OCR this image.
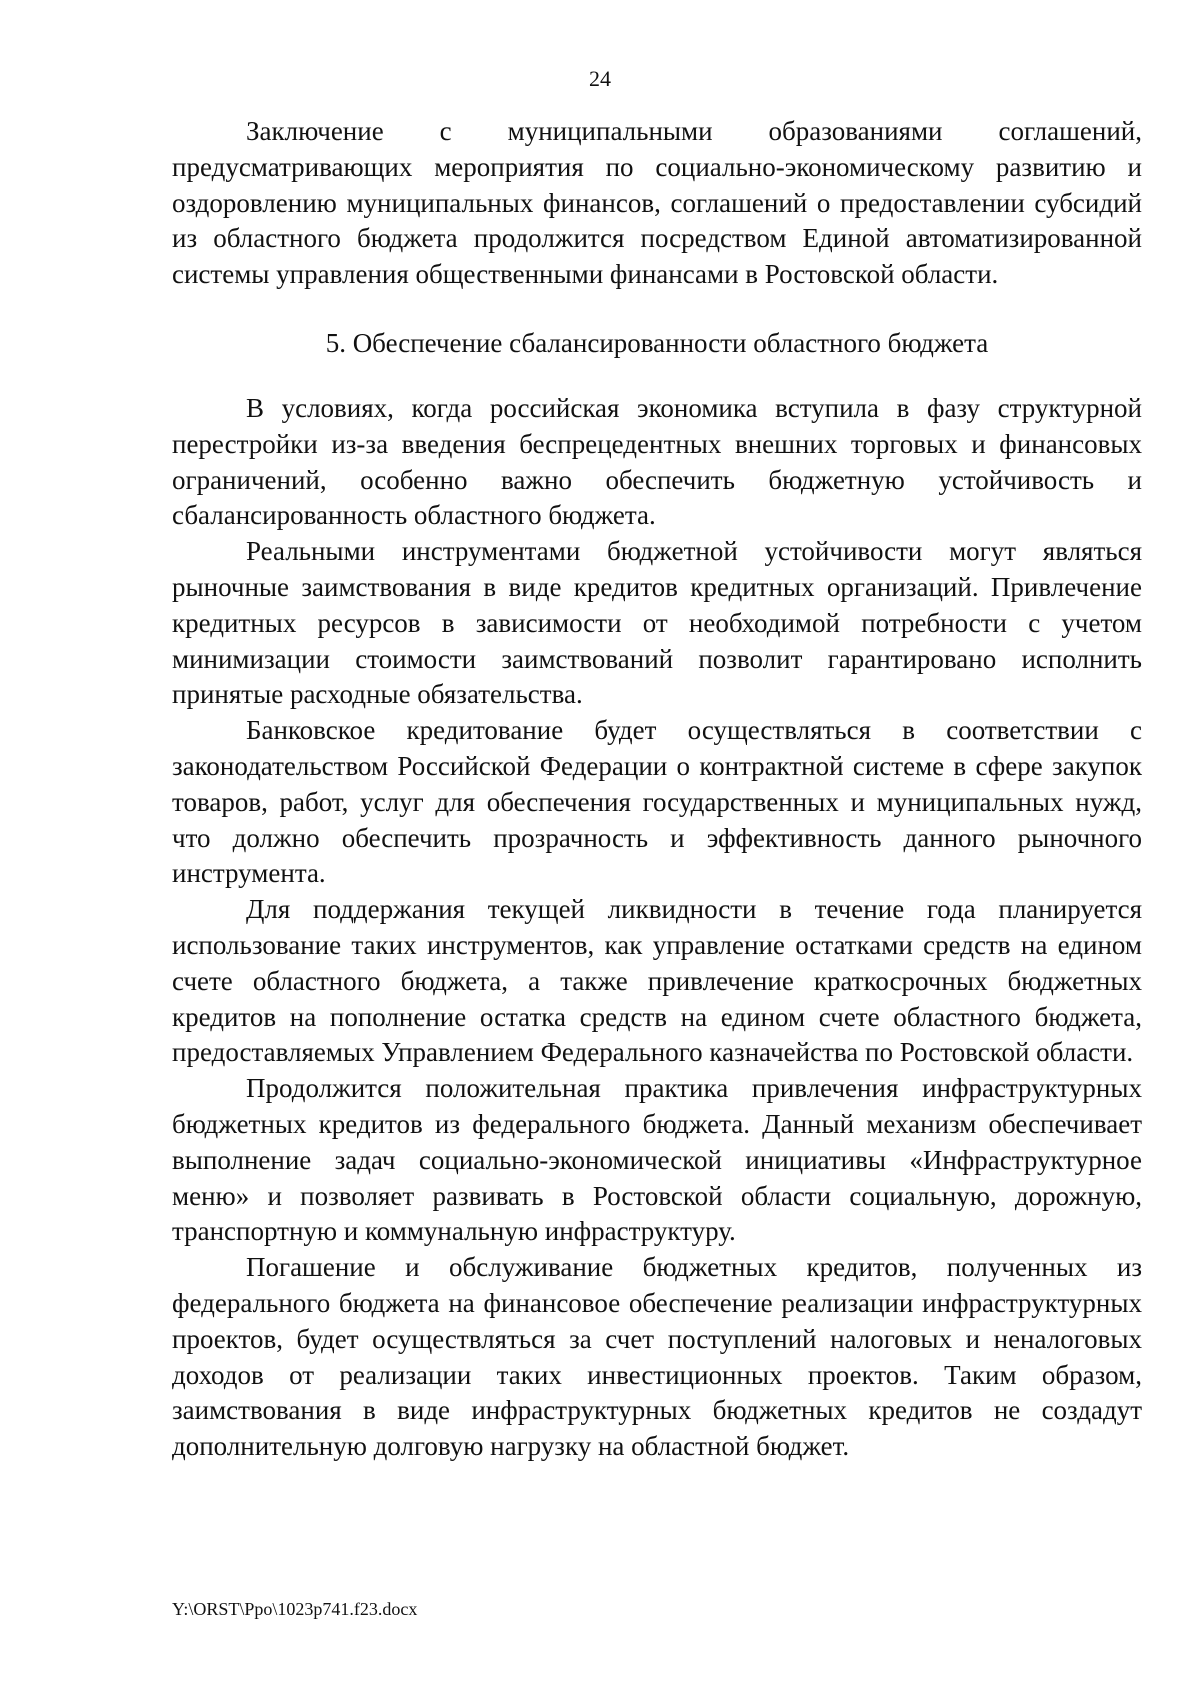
24

Заключение с муниципальными образованиями соглашений, предусматривающих мероприятия по социально-экономическому развитию и оздоровлению муниципальных финансов, соглашений о предоставлении субсидий из областного бюджета продолжится посредством Единой автоматизированной системы управления общественными финансами в Ростовской области.

5. Обеспечение сбалансированности областного бюджета

В условиях, когда российская экономика вступила в фазу структурной перестройки из-за введения беспрецедентных внешних торговых и финансовых ограничений, особенно важно обеспечить бюджетную устойчивость и сбалансированность областного бюджета.

Реальными инструментами бюджетной устойчивости могут являться рыночные заимствования в виде кредитов кредитных организаций. Привлечение кредитных ресурсов в зависимости от необходимой потребности с учетом минимизации стоимости заимствований позволит гарантировано исполнить принятые расходные обязательства.

Банковское кредитование будет осуществляться в соответствии с законодательством Российской Федерации о контрактной системе в сфере закупок товаров, работ, услуг для обеспечения государственных и муниципальных нужд, что должно обеспечить прозрачность и эффективность данного рыночного инструмента.

Для поддержания текущей ликвидности в течение года планируется использование таких инструментов, как управление остатками средств на едином счете областного бюджета, а также привлечение краткосрочных бюджетных кредитов на пополнение остатка средств на едином счете областного бюджета, предоставляемых Управлением Федерального казначейства по Ростовской области.

Продолжится положительная практика привлечения инфраструктурных бюджетных кредитов из федерального бюджета. Данный механизм обеспечивает выполнение задач социально-экономической инициативы «Инфраструктурное меню» и позволяет развивать в Ростовской области социальную, дорожную, транспортную и коммунальную инфраструктуру.

Погашение и обслуживание бюджетных кредитов, полученных из федерального бюджета на финансовое обеспечение реализации инфраструктурных проектов, будет осуществляться за счет поступлений налоговых и неналоговых доходов от реализации таких инвестиционных проектов. Таким образом, заимствования в виде инфраструктурных бюджетных кредитов не создадут дополнительную долговую нагрузку на областной бюджет.

Y:\ORST\Ppo\1023p741.f23.docx
